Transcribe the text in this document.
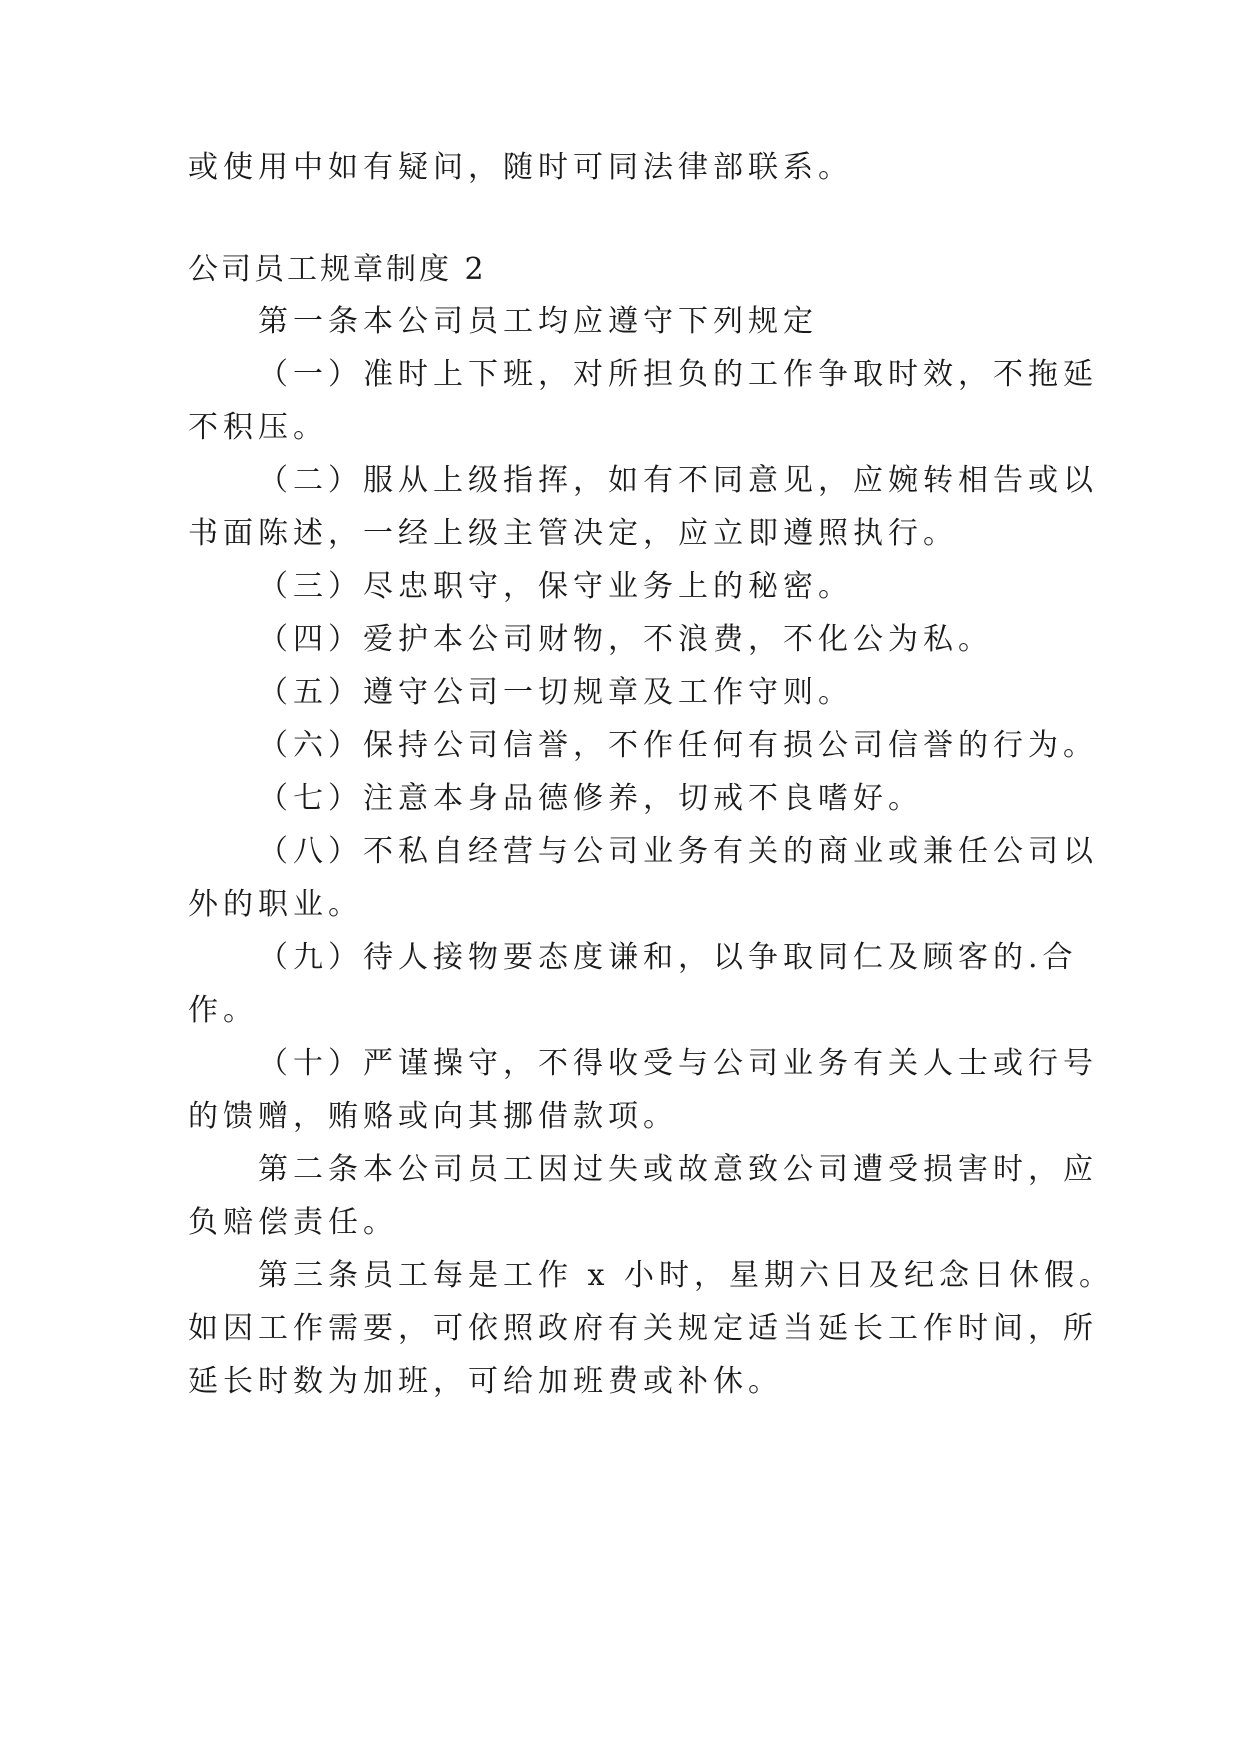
或使用中如有疑问，随时可同法律部联系。

公司员工规章制度 2

第一条本公司员工均应遵守下列规定

（一）准时上下班，对所担负的工作争取时效，不拖延

不积压。

（二）服从上级指挥，如有不同意见，应婉转相告或以

书面陈述，一经上级主管决定，应立即遵照执行。

（三）尽忠职守，保守业务上的秘密。

（四）爱护本公司财物，不浪费，不化公为私。

（五）遵守公司一切规章及工作守则。

（六）保持公司信誉，不作任何有损公司信誉的行为。

（七）注意本身品德修养，切戒不良嗜好。

（八）不私自经营与公司业务有关的商业或兼任公司以

外的职业。

（九）待人接物要态度谦和，以争取同仁及顾客的.合

作。

（十）严谨操守，不得收受与公司业务有关人士或行号

的馈赠，贿赂或向其挪借款项。

第二条本公司员工因过失或故意致公司遭受损害时，应

负赔偿责任。

第三条员工每是工作 x 小时，星期六日及纪念日休假。

如因工作需要，可依照政府有关规定适当延长工作时间，所

延长时数为加班，可给加班费或补休。
